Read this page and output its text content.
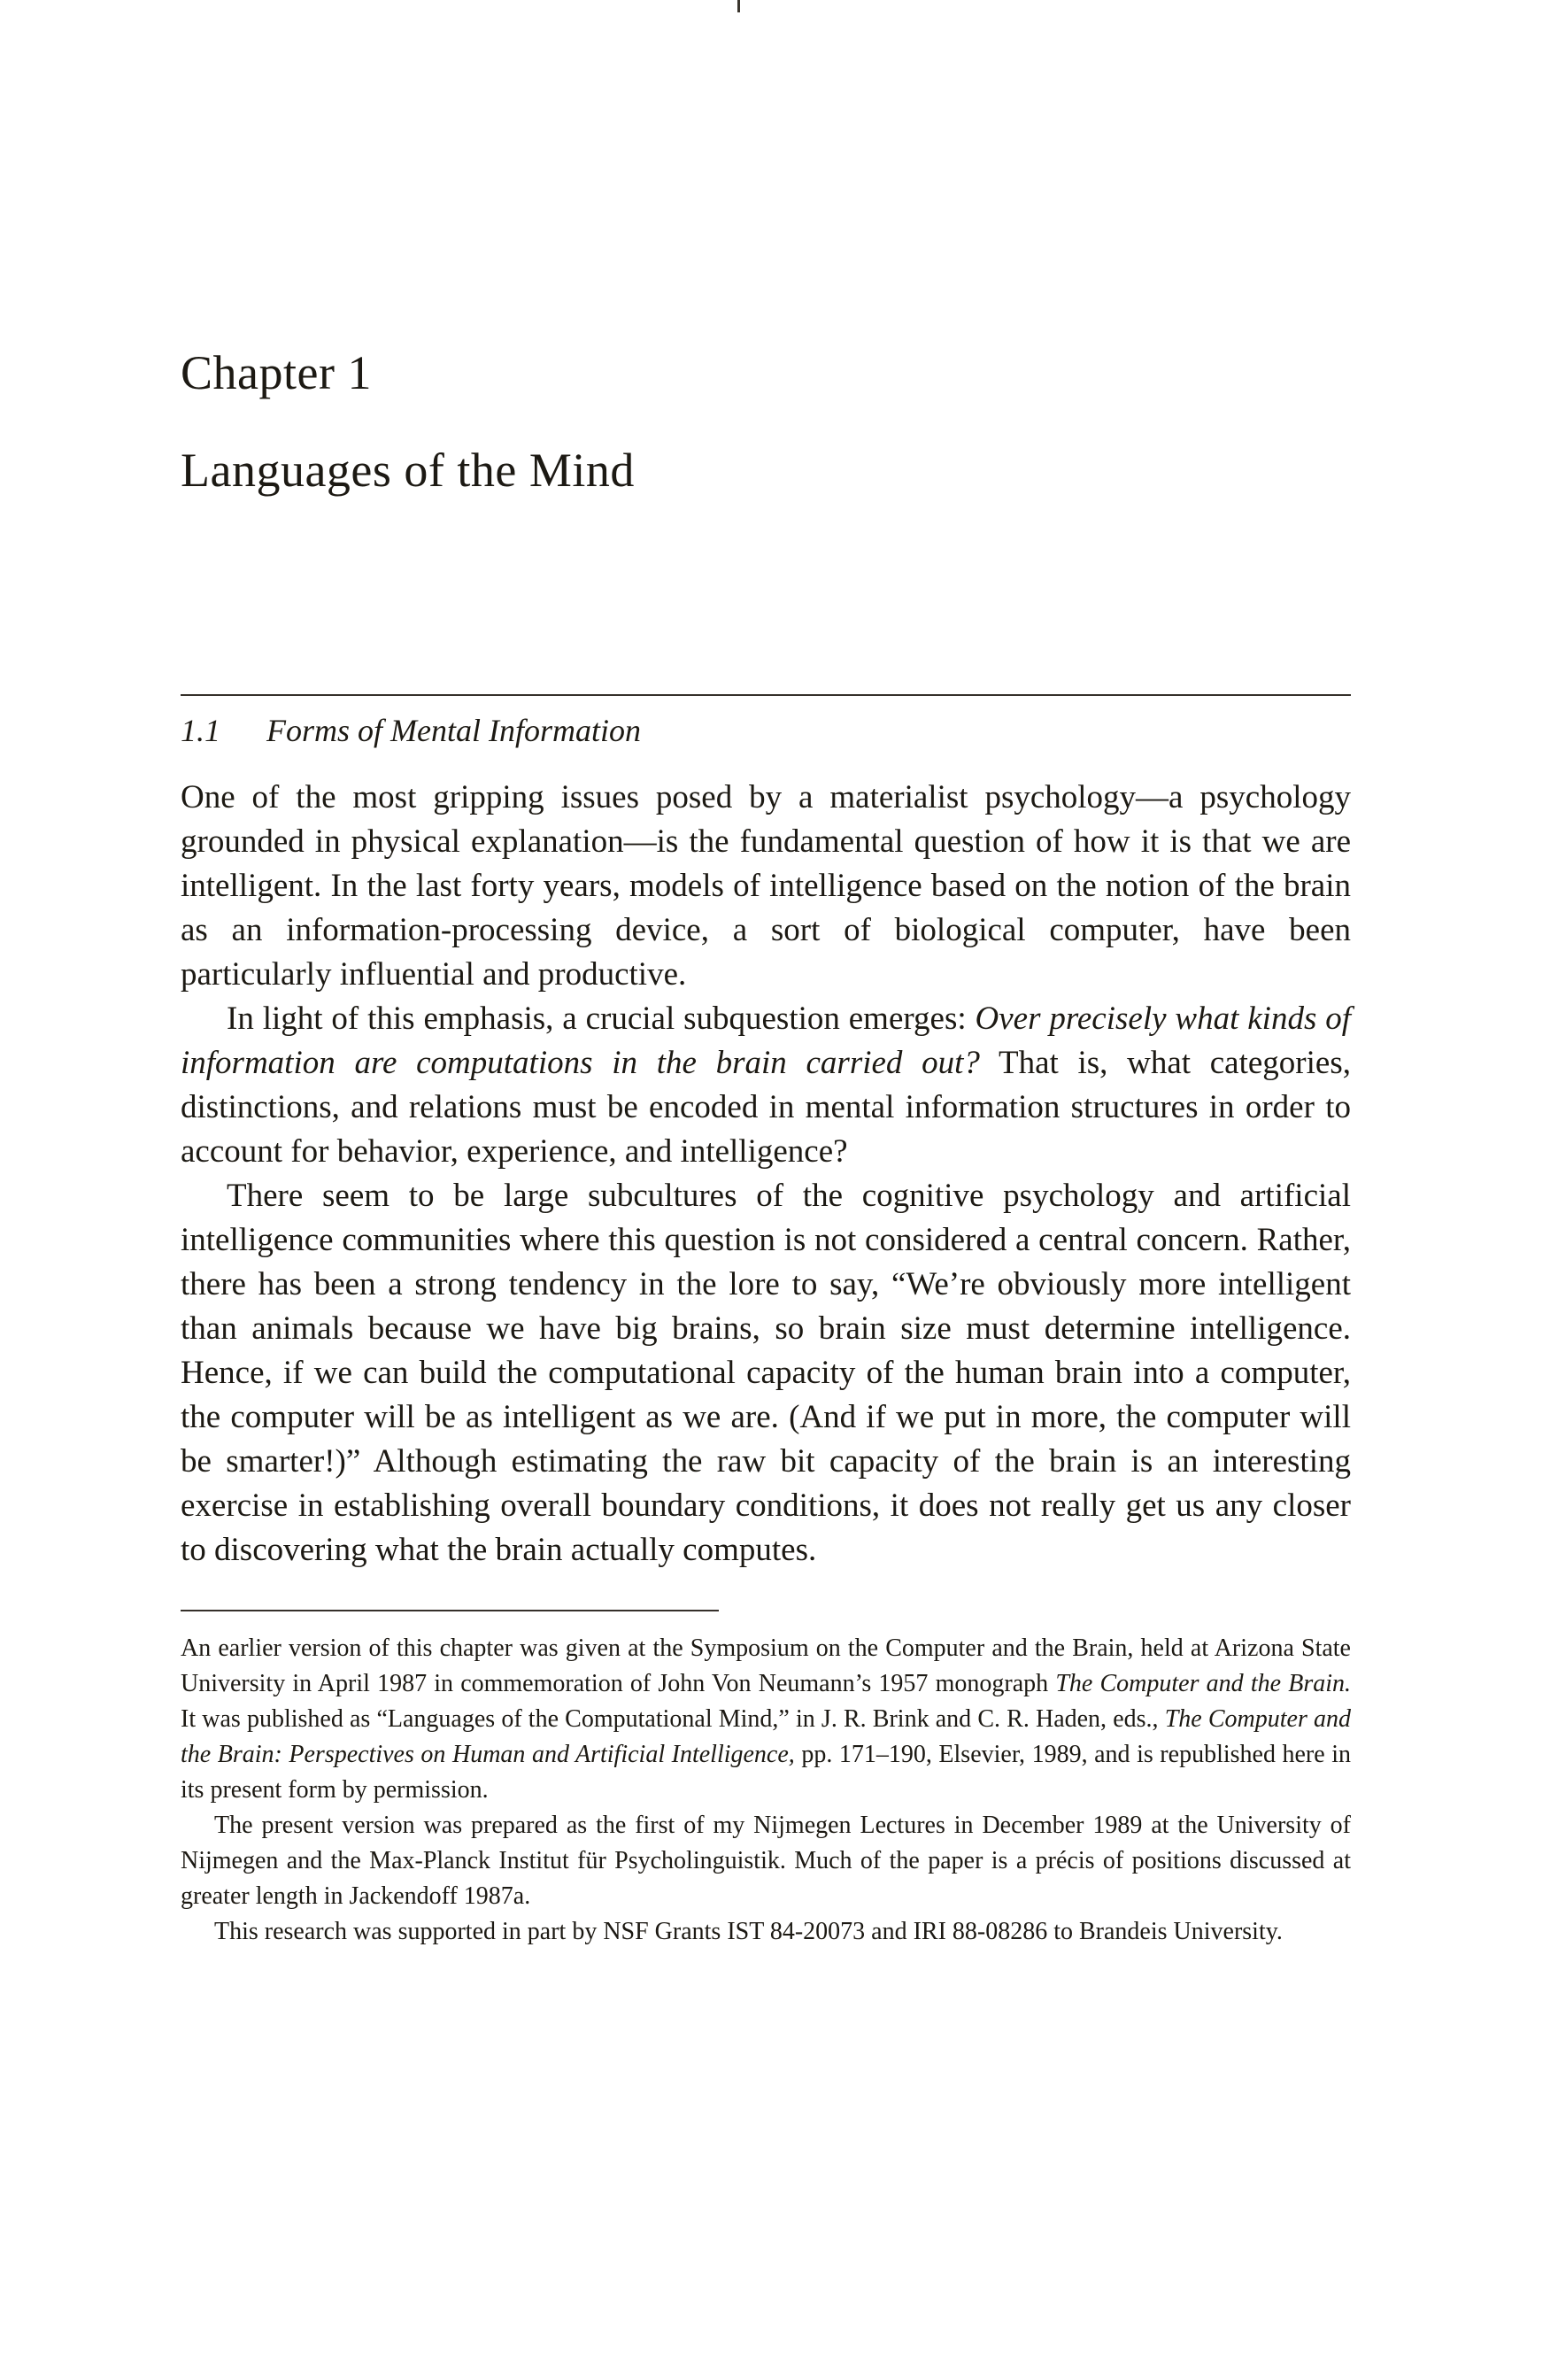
Chapter 1
Languages of the Mind
1.1 Forms of Mental Information

One of the most gripping issues posed by a materialist psychology—a psychology grounded in physical explanation—is the fundamental question of how it is that we are intelligent. In the last forty years, models of intelligence based on the notion of the brain as an information-processing device, a sort of biological computer, have been particularly influential and productive.

In light of this emphasis, a crucial subquestion emerges: Over precisely what kinds of information are computations in the brain carried out? That is, what categories, distinctions, and relations must be encoded in mental information structures in order to account for behavior, experience, and intelligence?

There seem to be large subcultures of the cognitive psychology and artificial intelligence communities where this question is not considered a central concern. Rather, there has been a strong tendency in the lore to say, “We’re obviously more intelligent than animals because we have big brains, so brain size must determine intelligence. Hence, if we can build the computational capacity of the human brain into a computer, the computer will be as intelligent as we are. (And if we put in more, the computer will be smarter!)” Although estimating the raw bit capacity of the brain is an interesting exercise in establishing overall boundary conditions, it does not really get us any closer to discovering what the brain actually computes.

An earlier version of this chapter was given at the Symposium on the Computer and the Brain, held at Arizona State University in April 1987 in commemoration of John Von Neumann’s 1957 monograph The Computer and the Brain. It was published as “Languages of the Computational Mind,” in J. R. Brink and C. R. Haden, eds., The Computer and the Brain: Perspectives on Human and Artificial Intelligence, pp. 171–190, Elsevier, 1989, and is republished here in its present form by permission.

The present version was prepared as the first of my Nijmegen Lectures in December 1989 at the University of Nijmegen and the Max-Planck Institut für Psycholinguistik. Much of the paper is a précis of positions discussed at greater length in Jackendoff 1987a.

This research was supported in part by NSF Grants IST 84-20073 and IRI 88-08286 to Brandeis University.
